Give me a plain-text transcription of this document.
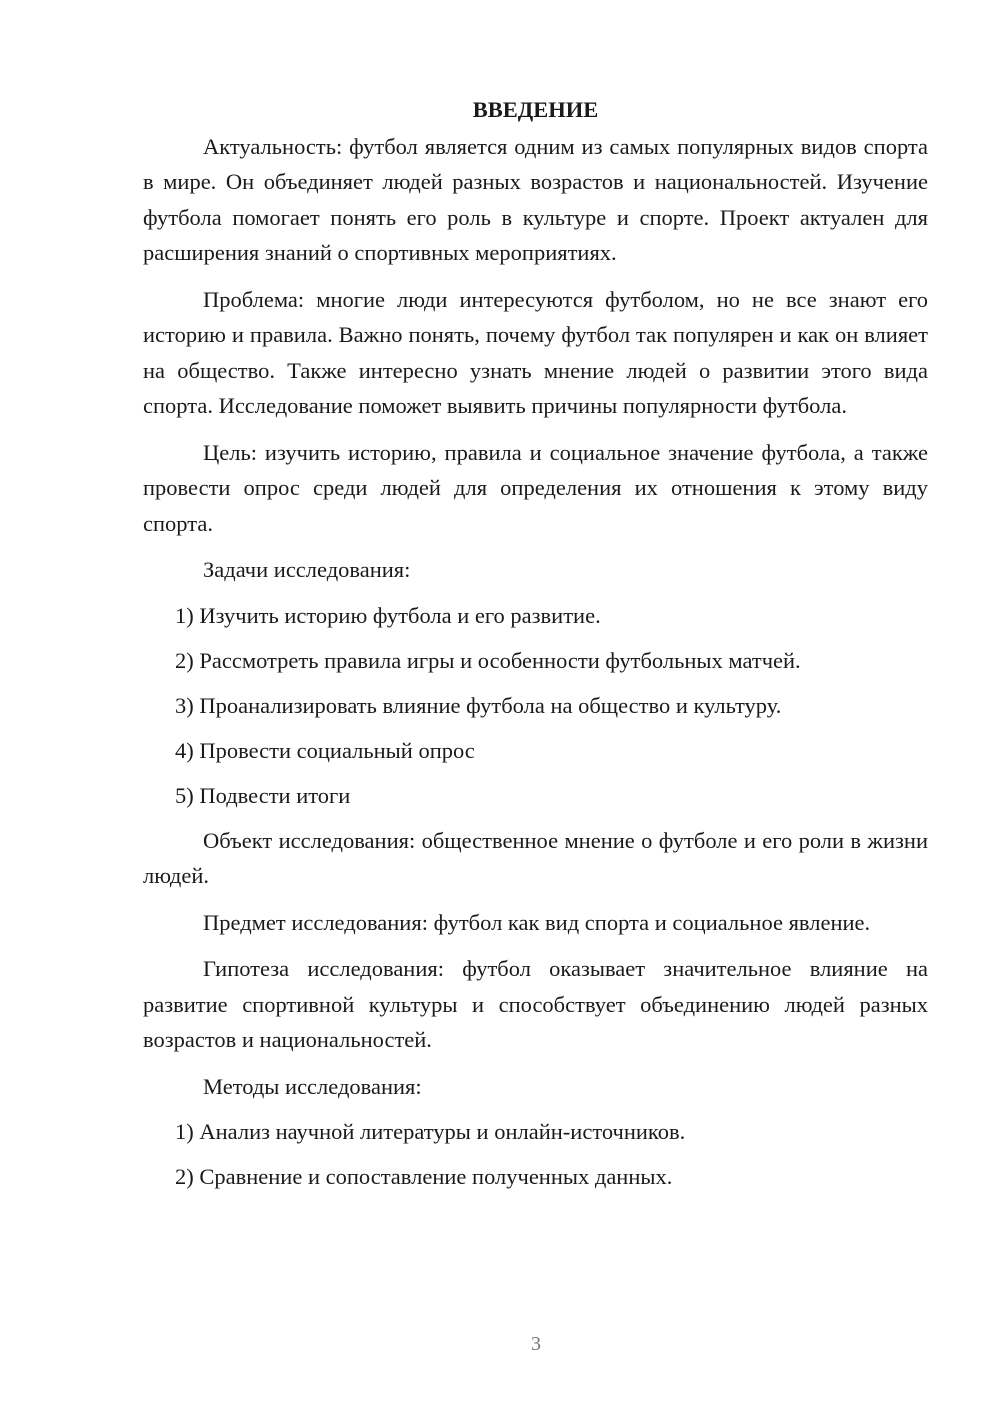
ВВЕДЕНИЕ

Актуальность: футбол является одним из самых популярных видов спорта в мире. Он объединяет людей разных возрастов и национальностей. Изучение футбола помогает понять его роль в культуре и спорте. Проект актуален для расширения знаний о спортивных мероприятиях.

Проблема: многие люди интересуются футболом, но не все знают его историю и правила. Важно понять, почему футбол так популярен и как он влияет на общество. Также интересно узнать мнение людей о развитии этого вида спорта. Исследование поможет выявить причины популярности футбола.

Цель: изучить историю, правила и социальное значение футбола, а также провести опрос среди людей для определения их отношения к этому виду спорта.

Задачи исследования:

1) Изучить историю футбола и его развитие.

2) Рассмотреть правила игры и особенности футбольных матчей.

3) Проанализировать влияние футбола на общество и культуру.

4) Провести социальный опрос

5) Подвести итоги

Объект исследования: общественное мнение о футболе и его роли в жизни людей.

Предмет исследования: футбол как вид спорта и социальное явление.

Гипотеза исследования: футбол оказывает значительное влияние на развитие спортивной культуры и способствует объединению людей разных возрастов и национальностей.

Методы исследования:

1) Анализ научной литературы и онлайн-источников.

2) Сравнение и сопоставление полученных данных.

3
